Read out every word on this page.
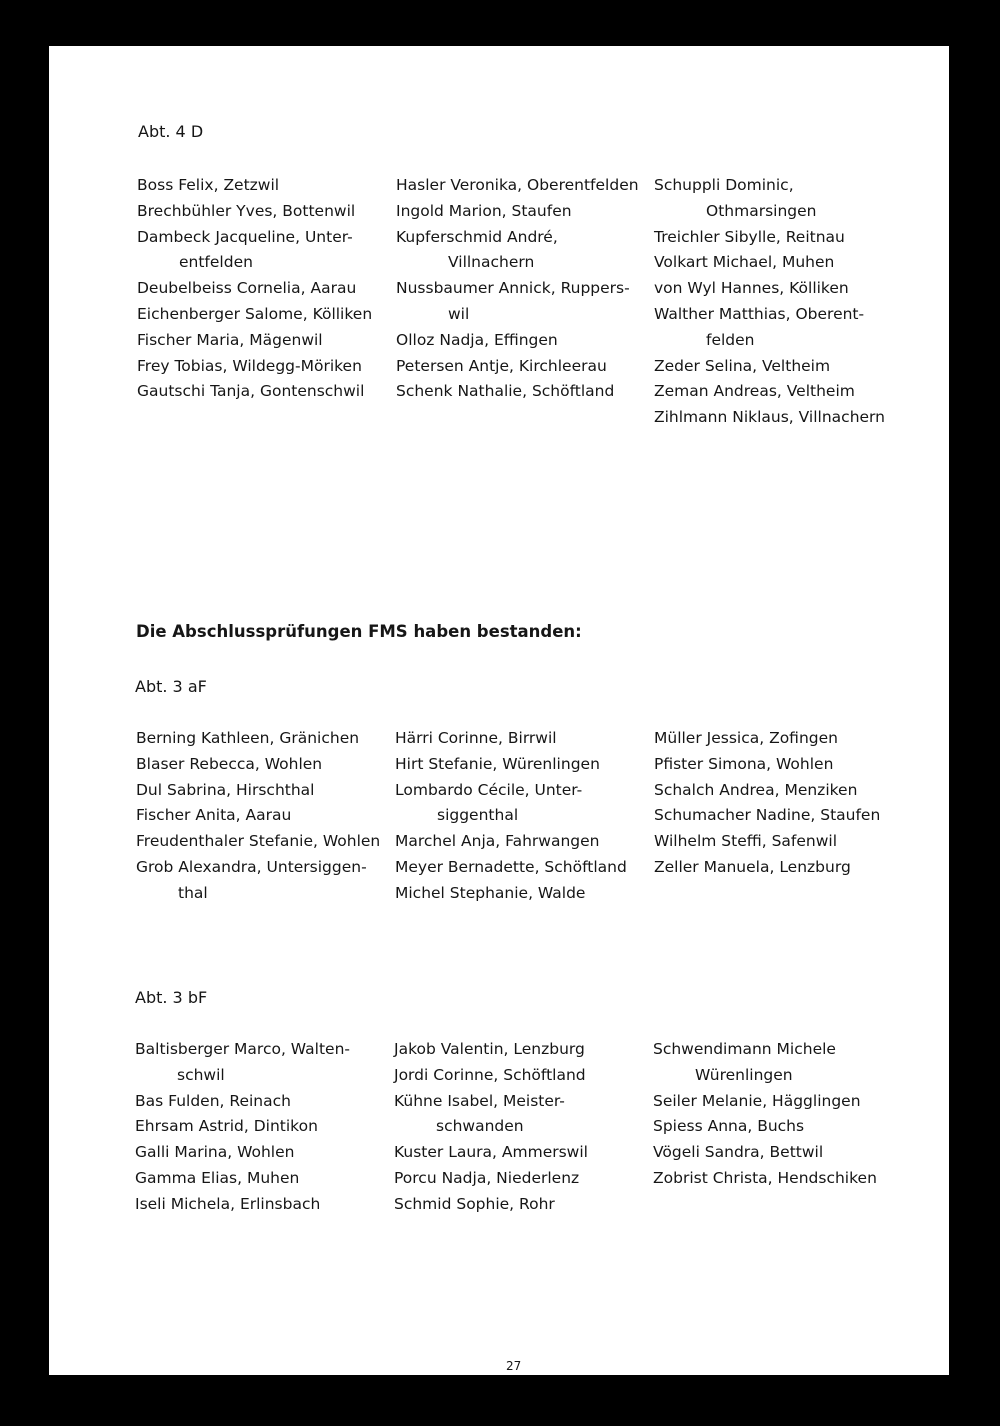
Abt. 4 D
Boss Felix, Zetzwil
Brechbühler Yves, Bottenwil
Dambeck Jacqueline, Unter-
entfelden
Deubelbeiss Cornelia, Aarau
Eichenberger Salome, Kölliken
Fischer Maria, Mägenwil
Frey Tobias, Wildegg-Möriken
Gautschi Tanja, Gontenschwil
Hasler Veronika, Oberentfelden
Ingold Marion, Staufen
Kupferschmid André,
Villnachern
Nussbaumer Annick, Ruppers-
wil
Olloz Nadja, Effingen
Petersen Antje, Kirchleerau
Schenk Nathalie, Schöftland
Schuppli Dominic,
Othmarsingen
Treichler Sibylle, Reitnau
Volkart Michael, Muhen
von Wyl Hannes, Kölliken
Walther Matthias, Oberent-
felden
Zeder Selina, Veltheim
Zeman Andreas, Veltheim
Zihlmann Niklaus, Villnachern
Die Abschlussprüfungen FMS haben bestanden:
Abt. 3 aF
Berning Kathleen, Gränichen
Blaser Rebecca, Wohlen
Dul Sabrina, Hirschthal
Fischer Anita, Aarau
Freudenthaler Stefanie, Wohlen
Grob Alexandra, Untersiggen-
thal
Härri Corinne, Birrwil
Hirt Stefanie, Würenlingen
Lombardo Cécile, Unter-
siggenthal
Marchel Anja, Fahrwangen
Meyer Bernadette, Schöftland
Michel Stephanie, Walde
Müller Jessica, Zofingen
Pfister Simona, Wohlen
Schalch Andrea, Menziken
Schumacher Nadine, Staufen
Wilhelm Steffi, Safenwil
Zeller Manuela, Lenzburg
Abt. 3 bF
Baltisberger Marco, Walten-
schwil
Bas Fulden, Reinach
Ehrsam Astrid, Dintikon
Galli Marina, Wohlen
Gamma Elias, Muhen
Iseli Michela, Erlinsbach
Jakob Valentin, Lenzburg
Jordi Corinne, Schöftland
Kühne Isabel, Meister-
schwanden
Kuster Laura, Ammerswil
Porcu Nadja, Niederlenz
Schmid Sophie, Rohr
Schwendimann Michele
Würenlingen
Seiler Melanie, Hägglingen
Spiess Anna, Buchs
Vögeli Sandra, Bettwil
Zobrist Christa, Hendschiken
27
